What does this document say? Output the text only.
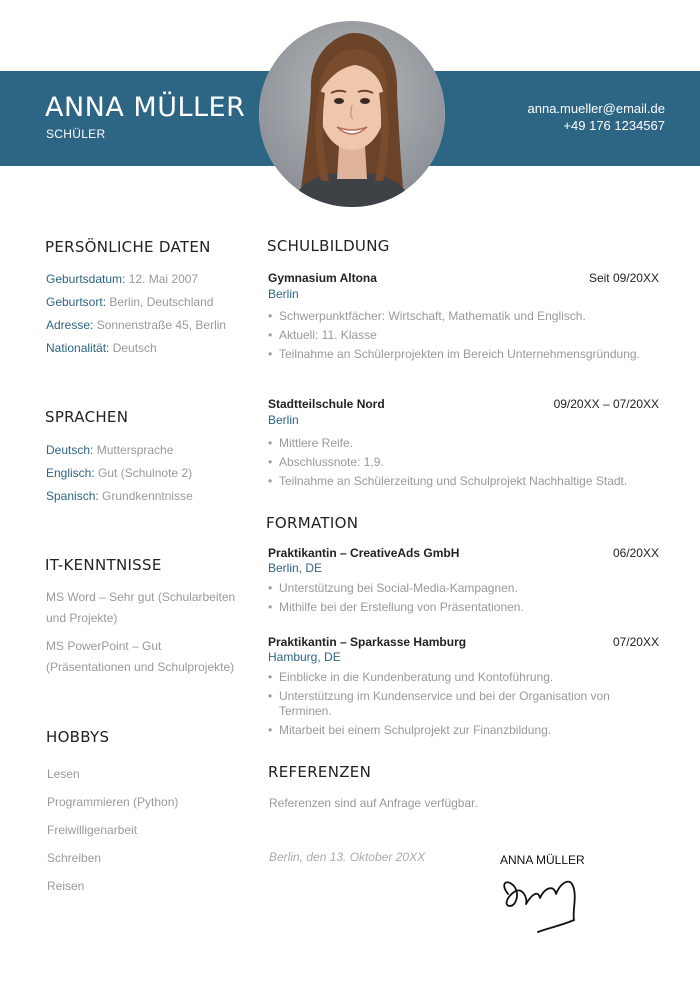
ANNA MÜLLER
SCHÜLER
anna.mueller@email.de
+49 176 1234567
PERSÖNLICHE DATEN
Geburtsdatum: 12. Mai 2007
Geburtsort: Berlin, Deutschland
Adresse: Sonnenstraße 45, Berlin
Nationalität: Deutsch
SPRACHEN
Deutsch: Muttersprache
Englisch: Gut (Schulnote 2)
Spanisch: Grundkenntnisse
IT-KENNTNISSE
MS Word – Sehr gut (Schularbeiten
und Projekte)
MS PowerPoint – Gut
(Präsentationen und Schulprojekte)
HOBBYS
Lesen
Programmieren (Python)
Freiwilligenarbeit
Schreiben
Reisen
SCHULBILDUNG
Gymnasium Altona	Seit 09/20XX
Berlin
• Schwerpunktfächer: Wirtschaft, Mathematik und Englisch.
• Aktuell: 11. Klasse
• Teilnahme an Schülerprojekten im Bereich Unternehmensgründung.
Stadtteilschule Nord	09/20XX – 07/20XX
Berlin
• Mittlere Reife.
• Abschlussnote: 1,9.
• Teilnahme an Schülerzeitung und Schulprojekt Nachhaltige Stadt.
FORMATION
Praktikantin – CreativeAds GmbH	06/20XX
Berlin, DE
• Unterstützung bei Social-Media-Kampagnen.
• Mithilfe bei der Erstellung von Präsentationen.
Praktikantin – Sparkasse Hamburg	07/20XX
Hamburg, DE
• Einblicke in die Kundenberatung und Kontoführung.
• Unterstützung im Kundenservice und bei der Organisation von Terminen.
• Mitarbeit bei einem Schulprojekt zur Finanzbildung.
REFERENZEN
Referenzen sind auf Anfrage verfügbar.
Berlin, den 13. Oktober 20XX	ANNA MÜLLER
